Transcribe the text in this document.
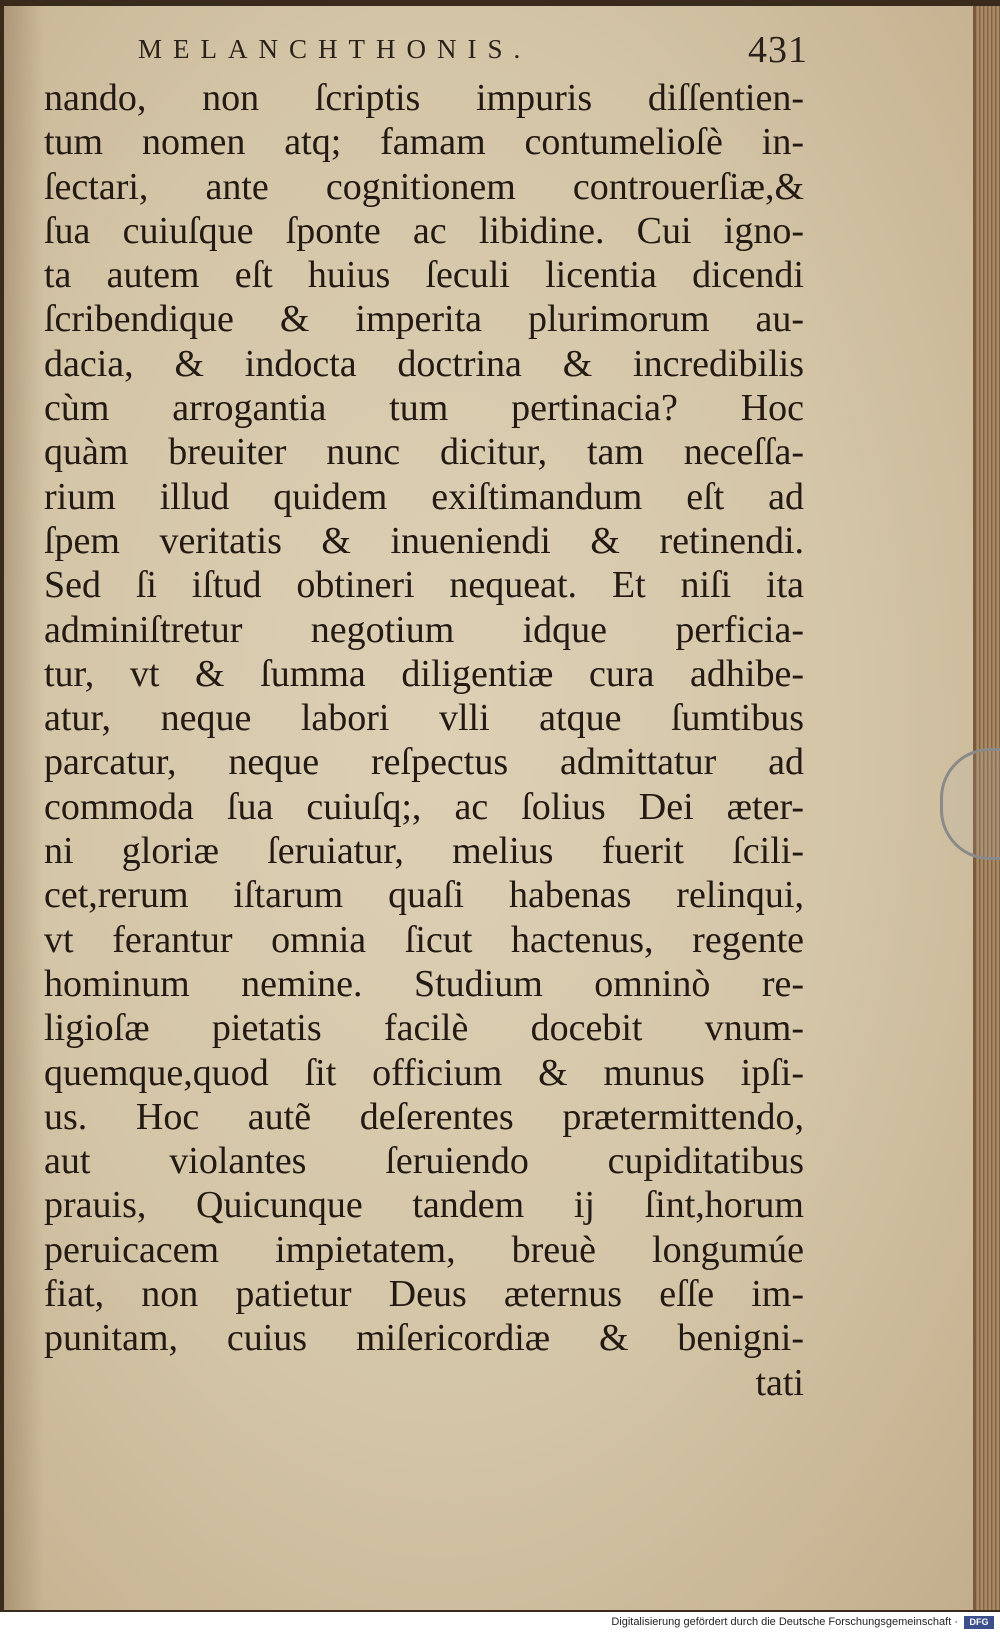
MELANCHTHONIS.	431
nando, non ſcriptis impuris diſſentien-
tum nomen atq; famam contumelioſè in-
ſectari, ante cognitionem controuerſiæ,&
ſua cuiuſque ſponte ac libidine. Cui igno-
ta autem eſt huius ſeculi licentia dicendi
ſcribendique & imperita plurimorum au-
dacia, & indocta doctrina & incredibilis
cùm arrogantia tum pertinacia? Hoc
quàm breuiter nunc dicitur, tam neceſſa-
rium illud quidem exiſtimandum eſt ad
ſpem veritatis & inueniendi & retinendi.
Sed ſi iſtud obtineri nequeat. Et niſi ita
adminiſtretur negotium idque perficia-
tur, vt & ſumma diligentiæ cura adhibe-
atur, neque labori vlli atque ſumtibus
parcatur, neque reſpectus admittatur ad
commoda ſua cuiuſq;, ac ſolius Dei æter-
ni gloriæ ſeruiatur, melius fuerit ſcili-
cet,rerum iſtarum quaſi habenas relinqui,
vt ferantur omnia ſicut hactenus, regente
hominum nemine. Studium omninò re-
ligioſæ pietatis facilè docebit vnum-
quemque,quod ſit officium & munus ipſi-
us. Hoc autẽ deſerentes prætermittendo,
aut violantes ſeruiendo cupiditatibus
prauis, Quicunque tandem ij ſint,horum
peruicacem impietatem, breuè longumúe
fiat, non patietur Deus æternus eſſe im-
punitam, cuius miſericordiæ & benigni-
tati
Digitalisierung gefördert durch die Deutsche Forschungsgemeinschaft ·	DFG
